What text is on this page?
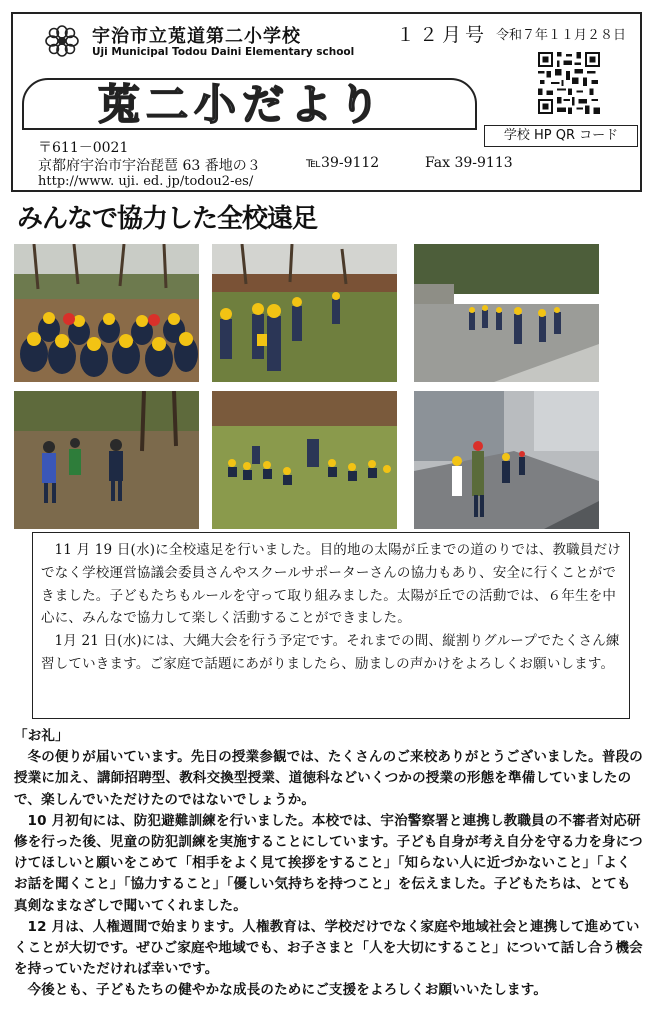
宇治市立莵道第二小学校
Uji Municipal Todou Daini Elementary school
１２月号 令和７年１１月２８日
莵二小だより
学校 HP QR コード
〒611－0021
京都府宇治市宇治琵琶 63 番地の３	℡39-9112	Fax 39-9113
http://www. uji. ed. jp/todou2-es/
みんなで協力した全校遠足

11 月 19 日(水)に全校遠足を行いました。目的地の太陽が丘までの道のりでは、教職員だけでなく学校運営協議会委員さんやスクールサポーターさんの協力もあり、安全に行くことができました。子どもたちもルールを守って取り組みました。太陽が丘での活動では、６年生を中心に、みんなで協力して楽しく活動することができました。

1月 21 日(水)には、大縄大会を行う予定です。それまでの間、縦割りグループでたくさん練習していきます。ご家庭で話題にあがりましたら、励ましの声かけをよろしくお願いします。

「お礼」

冬の便りが届いています。先日の授業参観では、たくさんのご来校ありがとうございました。普段の授業に加え、講師招聘型、教科交換型授業、道徳科などいくつかの授業の形態を準備していましたので、楽しんでいただけたのではないでしょうか。

10 月初旬には、防犯避難訓練を行いました。本校では、宇治警察署と連携し教職員の不審者対応研修を行った後、児童の防犯訓練を実施することにしています。子ども自身が考え自分を守る力を身につけてほしいと願いをこめて「相手をよく見て挨拶をすること」「知らない人に近づかないこと」「よくお話を聞くこと」「協力すること」「優しい気持ちを持つこと」を伝えました。子どもたちは、とても真剣なまなざしで聞いてくれました。

12 月は、人権週間で始まります。人権教育は、学校だけでなく家庭や地域社会と連携して進めていくことが大切です。ぜひご家庭や地域でも、お子さまと「人を大切にすること」について話し合う機会を持っていただければ幸いです。

今後とも、子どもたちの健やかな成長のためにご支援をよろしくお願いいたします。
